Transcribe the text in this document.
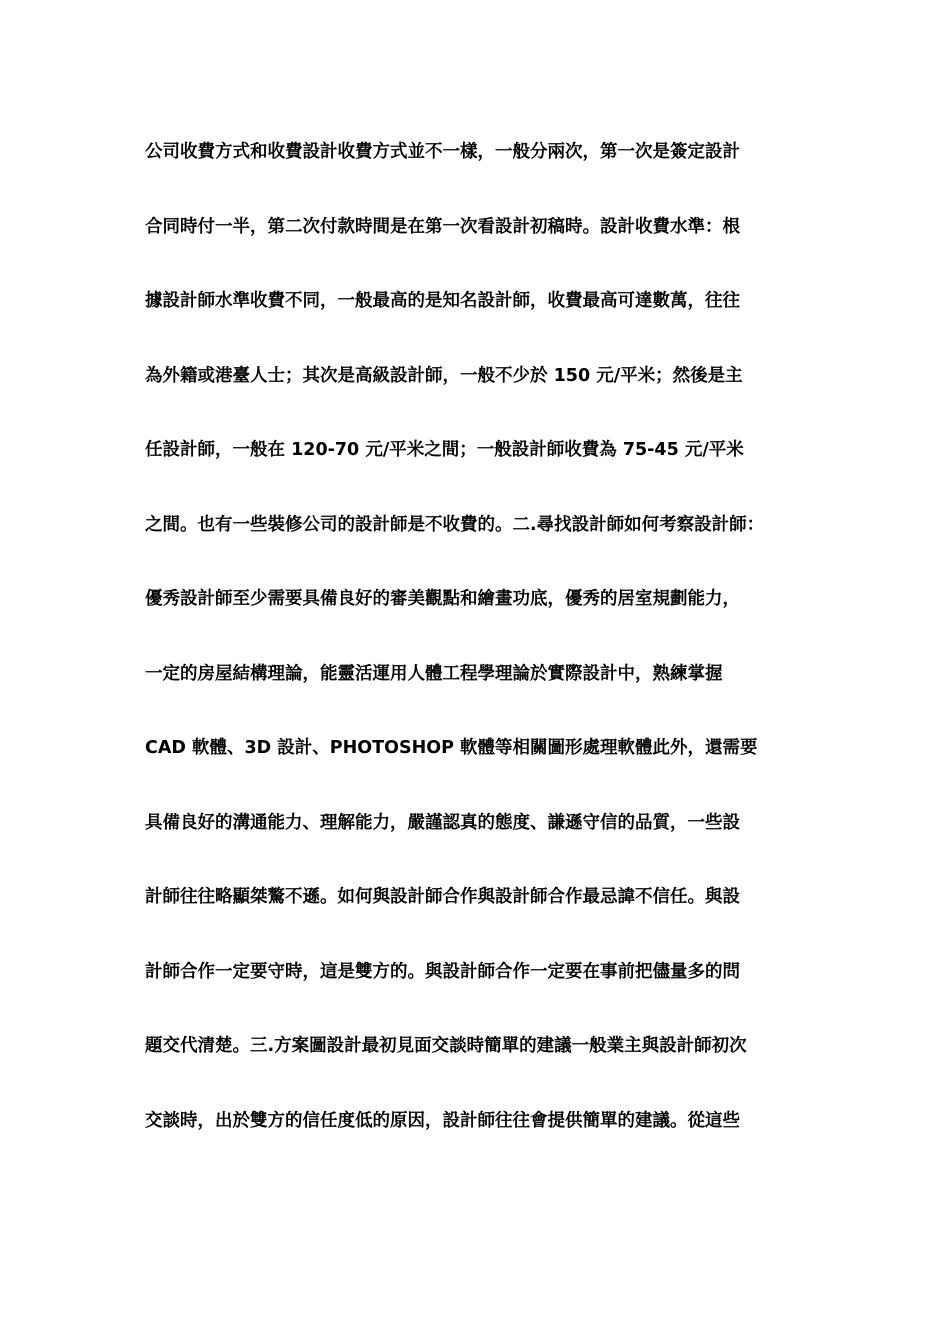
公司收費方式和收費設計收費方式並不一樣，一般分兩次，第一次是簽定設計
合同時付一半，第二次付款時間是在第一次看設計初稿時。設計收費水準：根
據設計師水準收費不同，一般最高的是知名設計師，收費最高可達數萬，往往
為外籍或港臺人士；其次是高級設計師，一般不少於 150 元/平米；然後是主
任設計師，一般在 120-70 元/平米之間；一般設計師收費為 75-45 元/平米
之間。也有一些裝修公司的設計師是不收費的。二.尋找設計師如何考察設計師：
優秀設計師至少需要具備良好的審美觀點和繪畫功底，優秀的居室規劃能力，
一定的房屋結構理論，能靈活運用人體工程學理論於實際設計中，熟練掌握
CAD 軟體、3D 設計、PHOTOSHOP 軟體等相關圖形處理軟體此外，還需要
具備良好的溝通能力、理解能力，嚴謹認真的態度、謙遜守信的品質，一些設
計師往往略顯桀驁不遜。如何與設計師合作與設計師合作最忌諱不信任。與設
計師合作一定要守時，這是雙方的。與設計師合作一定要在事前把儘量多的問
題交代清楚。三.方案圖設計最初見面交談時簡單的建議一般業主與設計師初次
交談時，出於雙方的信任度低的原因，設計師往往會提供簡單的建議。從這些
